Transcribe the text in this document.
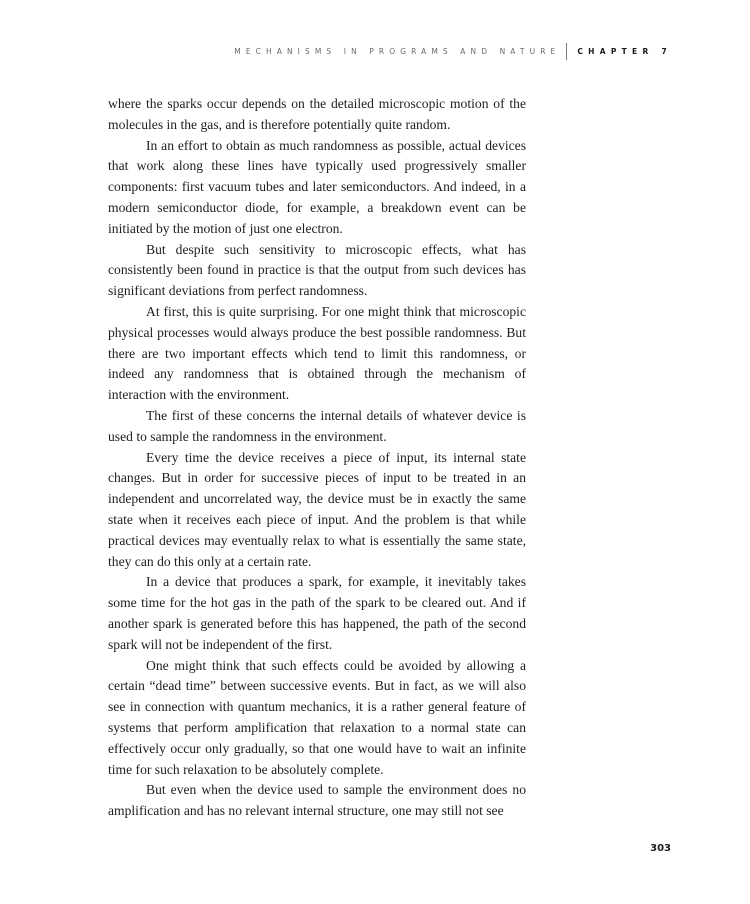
MECHANISMS IN PROGRAMS AND NATURE CHAPTER 7

where the sparks occur depends on the detailed microscopic motion of the molecules in the gas, and is therefore potentially quite random.

In an effort to obtain as much randomness as possible, actual devices that work along these lines have typically used progressively smaller components: first vacuum tubes and later semiconductors. And indeed, in a modern semiconductor diode, for example, a breakdown event can be initiated by the motion of just one electron.

But despite such sensitivity to microscopic effects, what has consistently been found in practice is that the output from such devices has significant deviations from perfect randomness.

At first, this is quite surprising. For one might think that microscopic physical processes would always produce the best possible randomness. But there are two important effects which tend to limit this randomness, or indeed any randomness that is obtained through the mechanism of interaction with the environment.

The first of these concerns the internal details of whatever device is used to sample the randomness in the environment.

Every time the device receives a piece of input, its internal state changes. But in order for successive pieces of input to be treated in an independent and uncorrelated way, the device must be in exactly the same state when it receives each piece of input. And the problem is that while practical devices may eventually relax to what is essentially the same state, they can do this only at a certain rate.

In a device that produces a spark, for example, it inevitably takes some time for the hot gas in the path of the spark to be cleared out. And if another spark is generated before this has happened, the path of the second spark will not be independent of the first.

One might think that such effects could be avoided by allowing a certain “dead time” between successive events. But in fact, as we will also see in connection with quantum mechanics, it is a rather general feature of systems that perform amplification that relaxation to a normal state can effectively occur only gradually, so that one would have to wait an infinite time for such relaxation to be absolutely complete.

But even when the device used to sample the environment does no amplification and has no relevant internal structure, one may still not see

303
